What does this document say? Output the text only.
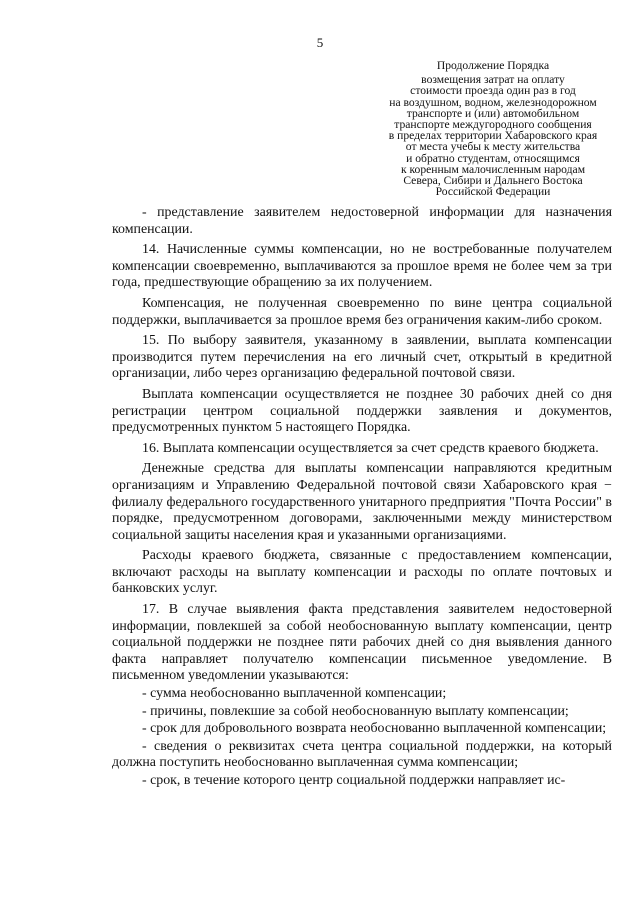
5
Продолжение Порядка
возмещения затрат на оплату
стоимости проезда один раз в год
на воздушном, водном, железнодорожном
транспорте и (или) автомобильном
транспорте междугородного сообщения
в пределах территории Хабаровского края
от места учебы к месту жительства
и обратно студентам, относящимся
к коренным малочисленным народам
Севера, Сибири и Дальнего Востока
Российской Федерации

- представление заявителем недостоверной информации для назначения компенсации.

14. Начисленные суммы компенсации, но не востребованные получателем компенсации своевременно, выплачиваются за прошлое время не более чем за три года, предшествующие обращению за их получением.

Компенсация, не полученная своевременно по вине центра социальной поддержки, выплачивается за прошлое время без ограничения каким-либо сроком.

15. По выбору заявителя, указанному в заявлении, выплата компенсации производится путем перечисления на его личный счет, открытый в кредитной организации, либо через организацию федеральной почтовой связи.

Выплата компенсации осуществляется не позднее 30 рабочих дней со дня регистрации центром социальной поддержки заявления и документов, предусмотренных пунктом 5 настоящего Порядка.

16. Выплата компенсации осуществляется за счет средств краевого бюджета.

Денежные средства для выплаты компенсации направляются кредитным организациям и Управлению Федеральной почтовой связи Хабаровского края − филиалу федерального государственного унитарного предприятия "Почта России" в порядке, предусмотренном договорами, заключенными между министерством социальной защиты населения края и указанными организациями.

Расходы краевого бюджета, связанные с предоставлением компенсации, включают расходы на выплату компенсации и расходы по оплате почтовых и банковских услуг.

17. В случае выявления факта представления заявителем недостоверной информации, повлекшей за собой необоснованную выплату компенсации, центр социальной поддержки не позднее пяти рабочих дней со дня выявления данного факта направляет получателю компенсации письменное уведомление. В письменном уведомлении указываются:

- сумма необоснованно выплаченной компенсации;

- причины, повлекшие за собой необоснованную выплату компенсации;

- срок для добровольного возврата необоснованно выплаченной компенсации;

- сведения о реквизитах счета центра социальной поддержки, на который должна поступить необоснованно выплаченная сумма компенсации;

- срок, в течение которого центр социальной поддержки направляет ис-
